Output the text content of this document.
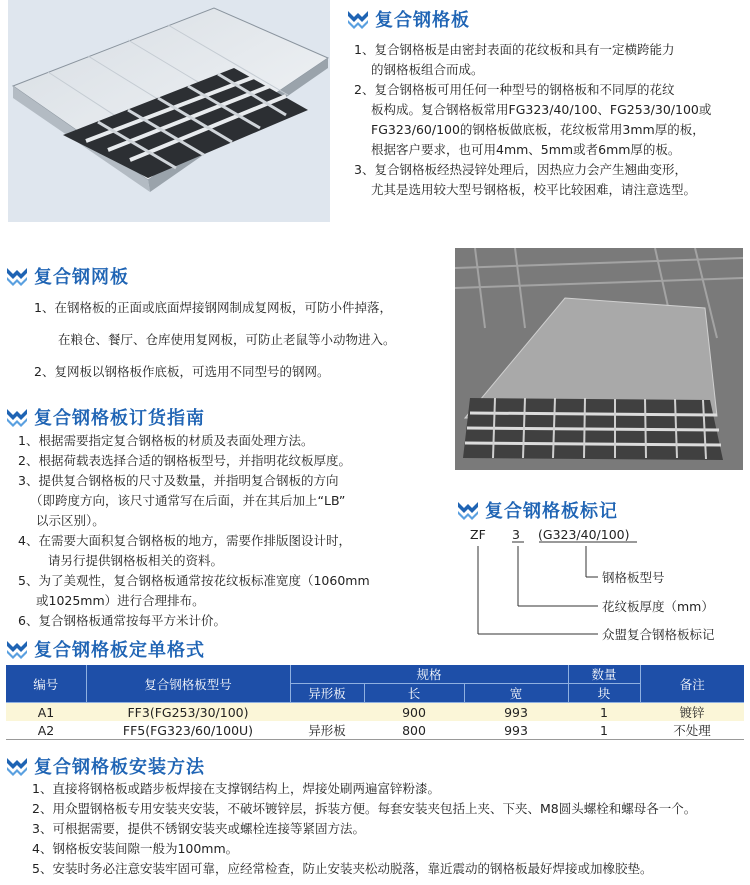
复合钢格板
1、复合钢格板是由密封表面的花纹板和具有一定横跨能力
的钢格板组合而成。
2、复合钢格板可用任何一种型号的钢格板和不同厚的花纹
板构成。复合钢格板常用FG323/40/100、FG253/30/100或
FG323/60/100的钢格板做底板，花纹板常用3mm厚的板，
根据客户要求，也可用4mm、5mm或者6mm厚的板。
3、复合钢格板经热浸锌处理后，因热应力会产生翘曲变形，
尤其是选用较大型号钢格板，校平比较困难，请注意选型。
复合钢网板
1、在钢格板的正面或底面焊接钢网制成复网板，可防小件掉落，
在粮仓、餐厅、仓库使用复网板，可防止老鼠等小动物进入。
2、复网板以钢格板作底板，可选用不同型号的钢网。
复合钢格板订货指南
1、根据需要指定复合钢格板的材质及表面处理方法。
2、根据荷载表选择合适的钢格板型号，并指明花纹板厚度。
3、提供复合钢格板的尺寸及数量，并指明复合钢板的方向
（即跨度方向，该尺寸通常写在后面，并在其后加上“LB”
以示区别）。
4、在需要大面积复合钢格板的地方，需要作排版图设计时，
请另行提供钢格板相关的资料。
5、为了美观性，复合钢格板通常按花纹板标准宽度（1060mm
或1025mm）进行合理排布。
6、复合钢格板通常按每平方米计价。
复合钢格板标记
ZF 3 (G323/40/100)
钢格板型号
花纹板厚度（mm）
众盟复合钢格板标记
复合钢格板定单格式
编号	复合钢格板型号	规格			数量	备注
		异形板	长	宽	块	
A1	FF3(FG253/30/100)		900	993	1	镀锌
A2	FF5(FG323/60/100U)	异形板	800	993	1	不处理
复合钢格板安装方法
1、直接将钢格板或踏步板焊接在支撑钢结构上，焊接处刷两遍富锌粉漆。
2、用众盟钢格板专用安装夹安装，不破坏镀锌层，拆装方便。每套安装夹包括上夹、下夹、M8圆头螺栓和螺母各一个。
3、可根据需要，提供不锈钢安装夹或螺栓连接等紧固方法。
4、钢格板安装间隙一般为100mm。
5、安装时务必注意安装牢固可靠，应经常检查，防止安装夹松动脱落，靠近震动的钢格板最好焊接或加橡胶垫。
